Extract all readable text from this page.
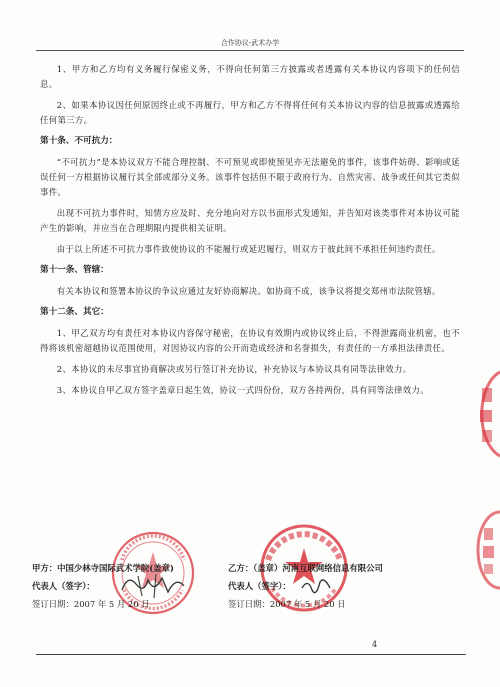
合作协议-武术办学

1、甲方和乙方均有义务履行保密义务，不得向任何第三方披露或者透露有关本协议内容项下的任何信息。

2、如果本协议因任何原因终止或不再履行，甲方和乙方不得将任何有关本协议内容的信息披露或透露给任何第三方。

第十条、不可抗力：

“不可抗力”是本协议双方不能合理控制、不可预见或即使预见亦无法避免的事件，该事件妨碍、影响或延误任何一方根据协议履行其全部或部分义务。该事件包括但不限于政府行为、自然灾害、战争或任何其它类似事件。

出现不可抗力事件时，知情方应及时、充分地向对方以书面形式发通知，并告知对该类事件对本协议可能产生的影响，并应当在合理期限内提供相关证明。

由于以上所述不可抗力事件致使协议的不能履行或延迟履行，则双方于彼此间不承担任何违约责任。

第十一条、管辖：

有关本协议和签署本协议的争议应通过友好协商解决。如协商不成，该争议将提交郑州市法院管辖。

第十二条、其它：

1、甲乙双方均有责任对本协议内容保守秘密，在协议有效期内或协议终止后，不得泄露商业机密，也不得将该机密超越协议范围使用，对因协议内容的公开而造成经济和名誉损失，有责任的一方承担法律责任。

2、本协议的未尽事宜协商解决或另行签订补充协议，补充协议与本协议具有同等法律效力。

3、本协议自甲乙双方签字盖章日起生效，协议一式四份份，双方各持两份，具有同等法律效力。

甲方：中国少林寺国际武术学院(盖章)	乙方：（盖章）河南互联网络信息有限公司
代表人（签字）：	代表人（签字）：
签订日期：2007 年 5 月 20 日	签订日期：2007 年 5 月 20 日
4
